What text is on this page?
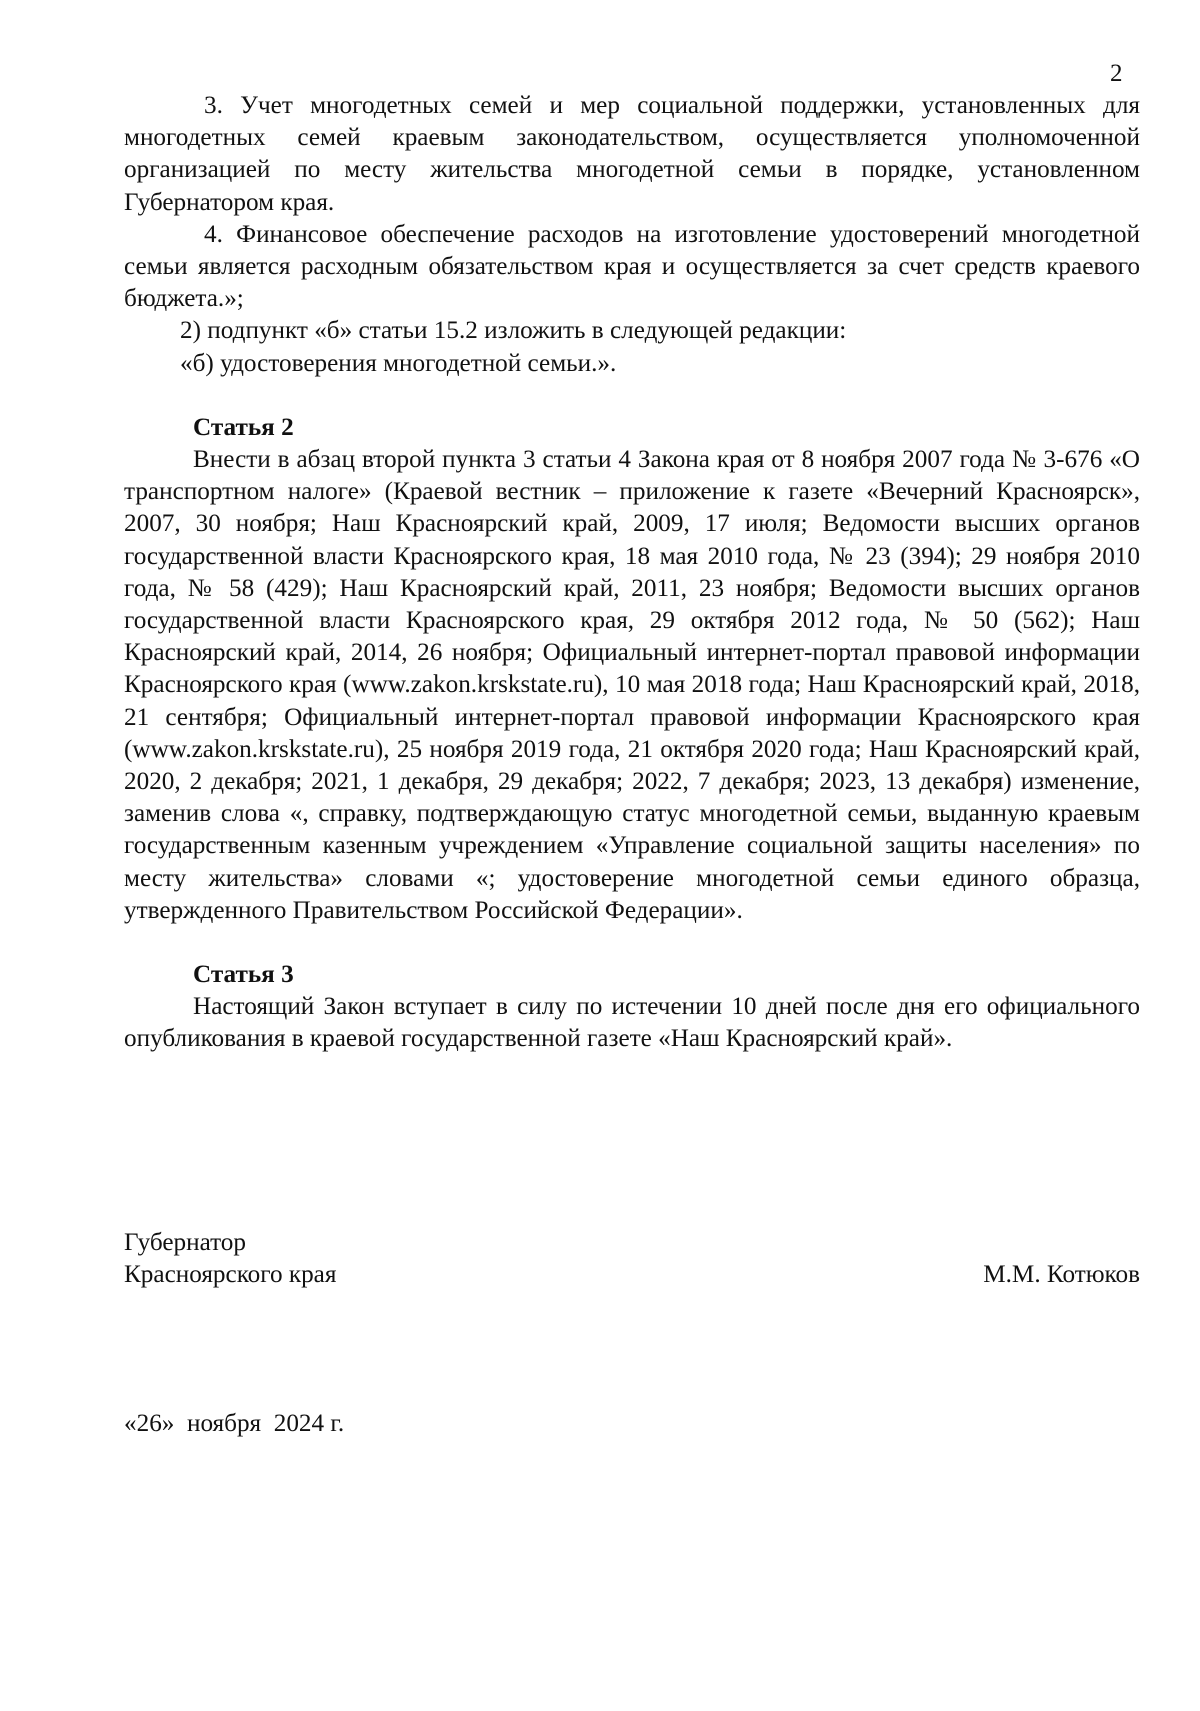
2

3. Учет многодетных семей и мер социальной поддержки, установленных для многодетных семей краевым законодательством, осуществляется уполномоченной организацией по месту жительства многодетной семьи в порядке, установленном Губернатором края.

4. Финансовое обеспечение расходов на изготовление удостоверений многодетной семьи является расходным обязательством края и осуществляется за счет средств краевого бюджета.»;

2) подпункт «б» статьи 15.2 изложить в следующей редакции:

«б) удостоверения многодетной семьи.».

Статья 2

Внести в абзац второй пункта 3 статьи 4 Закона края от 8 ноября 2007 года № 3-676 «О транспортном налоге» (Краевой вестник – приложение к газете «Вечерний Красноярск», 2007, 30 ноября; Наш Красноярский край, 2009, 17 июля; Ведомости высших органов государственной власти Красноярского края, 18 мая 2010 года, № 23 (394); 29 ноября 2010 года, № 58 (429); Наш Красноярский край, 2011, 23 ноября; Ведомости высших органов государственной власти Красноярского края, 29 октября 2012 года, № 50 (562); Наш Красноярский край, 2014, 26 ноября; Официальный интернет-портал правовой информации Красноярского края (www.zakon.krskstate.ru), 10 мая 2018 года; Наш Красноярский край, 2018, 21 сентября; Официальный интернет-портал правовой информации Красноярского края (www.zakon.krskstate.ru), 25 ноября 2019 года, 21 октября 2020 года; Наш Красноярский край, 2020, 2 декабря; 2021, 1 декабря, 29 декабря; 2022, 7 декабря; 2023, 13 декабря) изменение, заменив слова «, справку, подтверждающую статус многодетной семьи, выданную краевым государственным казенным учреждением «Управление социальной защиты населения» по месту жительства» словами «; удостоверение многодетной семьи единого образца, утвержденного Правительством Российской Федерации».

Статья 3

Настоящий Закон вступает в силу по истечении 10 дней после дня его официального опубликования в краевой государственной газете «Наш Красноярский край».

Губернатор
Красноярского края	М.М. Котюков
«26»  ноября  2024 г.
